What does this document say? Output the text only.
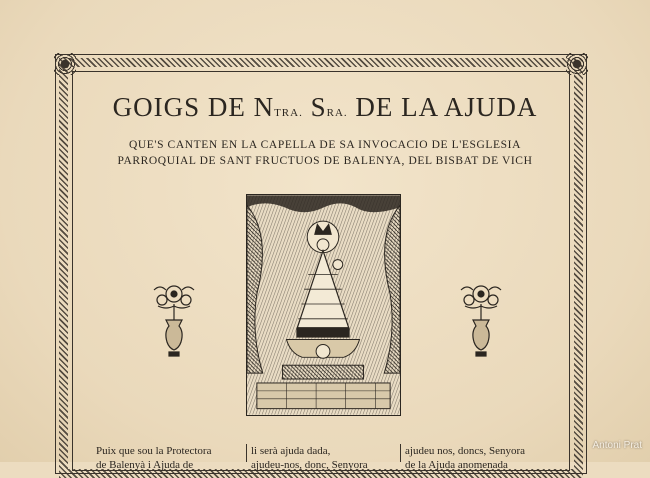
GOIGS DE NTRA. SRA. DE LA AJUDA
QUE'S CANTEN EN LA CAPELLA DE SA INVOCACIO DE L'ESGLESIA
PARROQUIAL DE SANT FRUCTUOS DE BALENYA, DEL BISBAT DE VICH
Puix que sou la Protectora
de Balenyà i Ajuda de
li serà ajuda dada,
ajudeu-nos, donc, Senyora
ajudeu nos, doncs, Senyora
de la Ajuda anomenada
Antoni Prat
